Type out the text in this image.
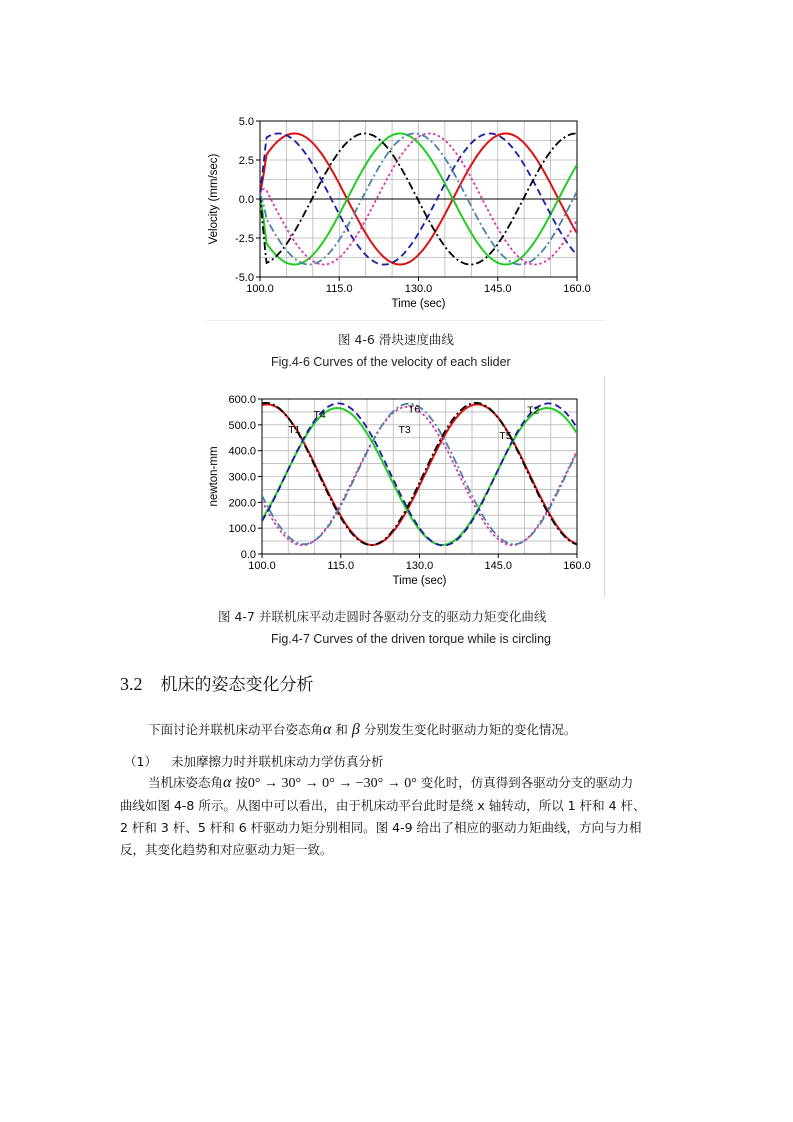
100.0	115.0	130.0	145.0	160.0
5.0
2.5
0.0
-2.5
-5.0
Time (sec)
Velocity (mm/sec)
图 4-6 滑块速度曲线
Fig.4-6 Curves of the velocity of each slider
100.0	115.0	130.0	145.0	160.0
600.0
500.0
400.0
300.0
200.0
100.0
0.0
Time (sec)
newton-mm
T1
T2
T3
T4
T5
T6
图 4-7 并联机床平动走圆时各驱动分支的驱动力矩变化曲线
Fig.4-7 Curves of the driven torque while is circling
3.2 机床的姿态变化分析
下面讨论并联机床动平台姿态角α 和 β 分别发生变化时驱动力矩的变化情况。
（1） 未加摩擦力时并联机床动力学仿真分析
当机床姿态角α 按0° → 30° → 0° → −30° → 0° 变化时，仿真得到各驱动分支的驱动力
曲线如图 4-8 所示。从图中可以看出，由于机床动平台此时是绕 x 轴转动，所以 1 杆和 4 杆、
2 杆和 3 杆、5 杆和 6 杆驱动力矩分别相同。图 4-9 给出了相应的驱动力矩曲线，方向与力相
反，其变化趋势和对应驱动力矩一致。
